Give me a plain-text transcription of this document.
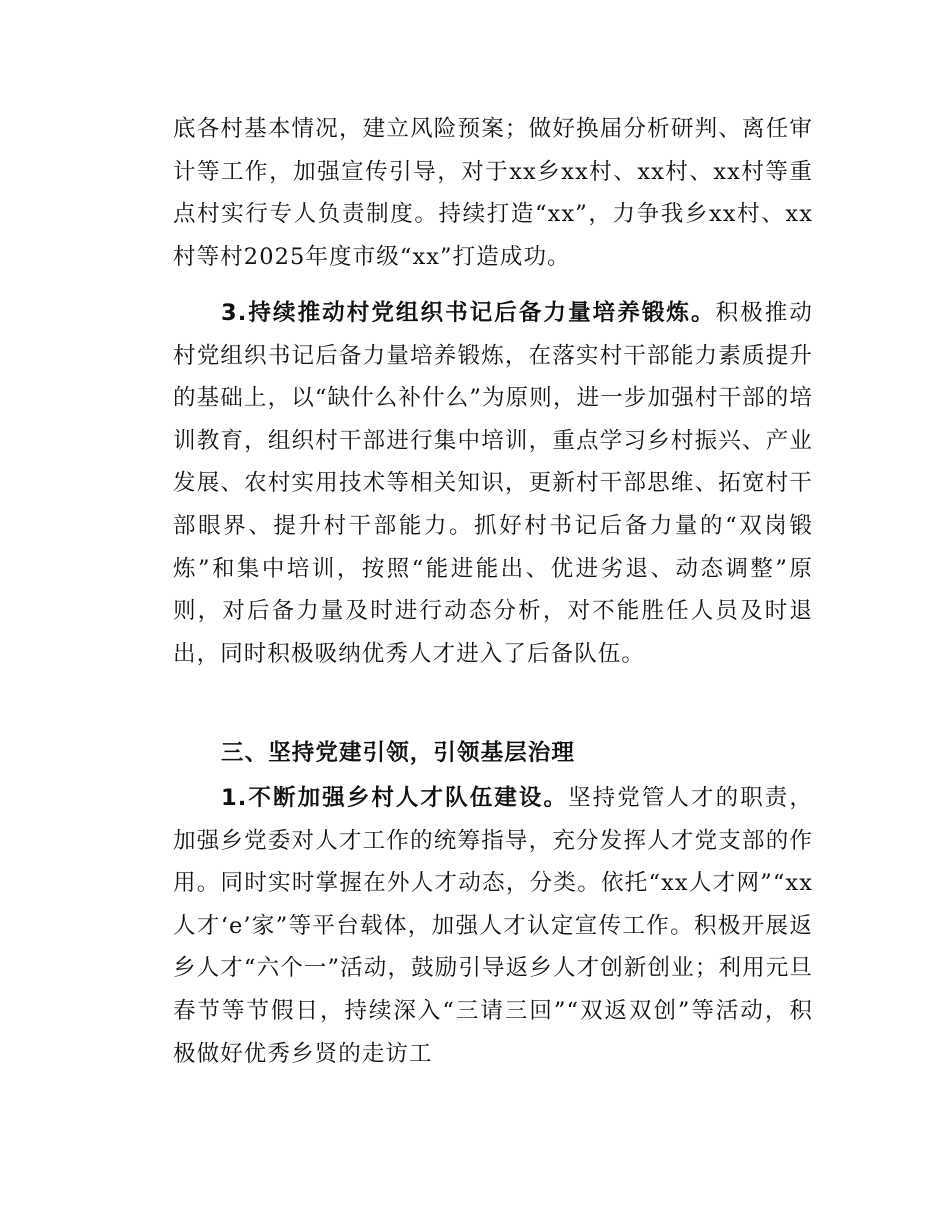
底各村基本情况，建立风险预案；做好换届分析研判、离任审计等工作，加强宣传引导，对于xx乡xx村、xx村、xx村等重点村实行专人负责制度。持续打造“xx”，力争我乡xx村、xx村等村2025年度市级“xx”打造成功。

3.持续推动村党组织书记后备力量培养锻炼。积极推动村党组织书记后备力量培养锻炼，在落实村干部能力素质提升的基础上，以“缺什么补什么”为原则，进一步加强村干部的培训教育，组织村干部进行集中培训，重点学习乡村振兴、产业发展、农村实用技术等相关知识，更新村干部思维、拓宽村干部眼界、提升村干部能力。抓好村书记后备力量的“双岗锻炼”和集中培训，按照“能进能出、优进劣退、动态调整”原则，对后备力量及时进行动态分析，对不能胜任人员及时退出，同时积极吸纳优秀人才进入了后备队伍。

三、坚持党建引领，引领基层治理

1.不断加强乡村人才队伍建设。坚持党管人才的职责，加强乡党委对人才工作的统筹指导，充分发挥人才党支部的作用。同时实时掌握在外人才动态，分类。依托“xx人才网”“xx人才‘e’家”等平台载体，加强人才认定宣传工作。积极开展返乡人才“六个一”活动，鼓励引导返乡人才创新创业；利用元旦春节等节假日，持续深入“三请三回”“双返双创”等活动，积极做好优秀乡贤的走访工
